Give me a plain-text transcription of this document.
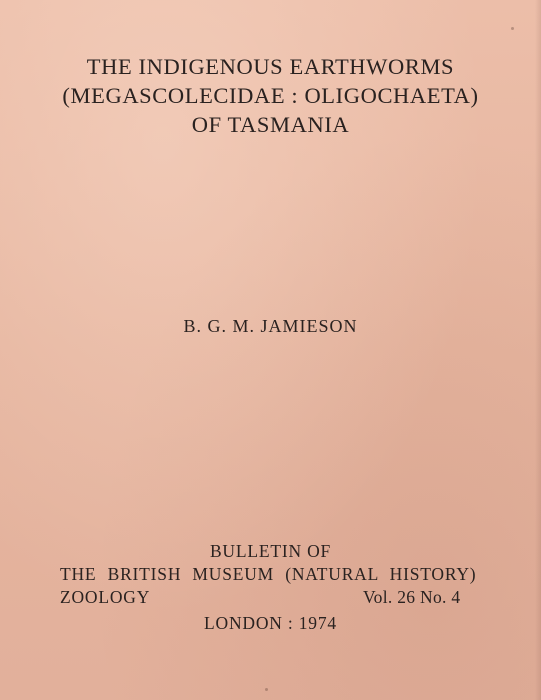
THE INDIGENOUS EARTHWORMS
(MEGASCOLECIDAE : OLIGOCHAETA)
OF TASMANIA
B. G. M. JAMIESON
BULLETIN OF
THE BRITISH MUSEUM (NATURAL HISTORY)
ZOOLOGY	Vol. 26 No. 4
LONDON : 1974
